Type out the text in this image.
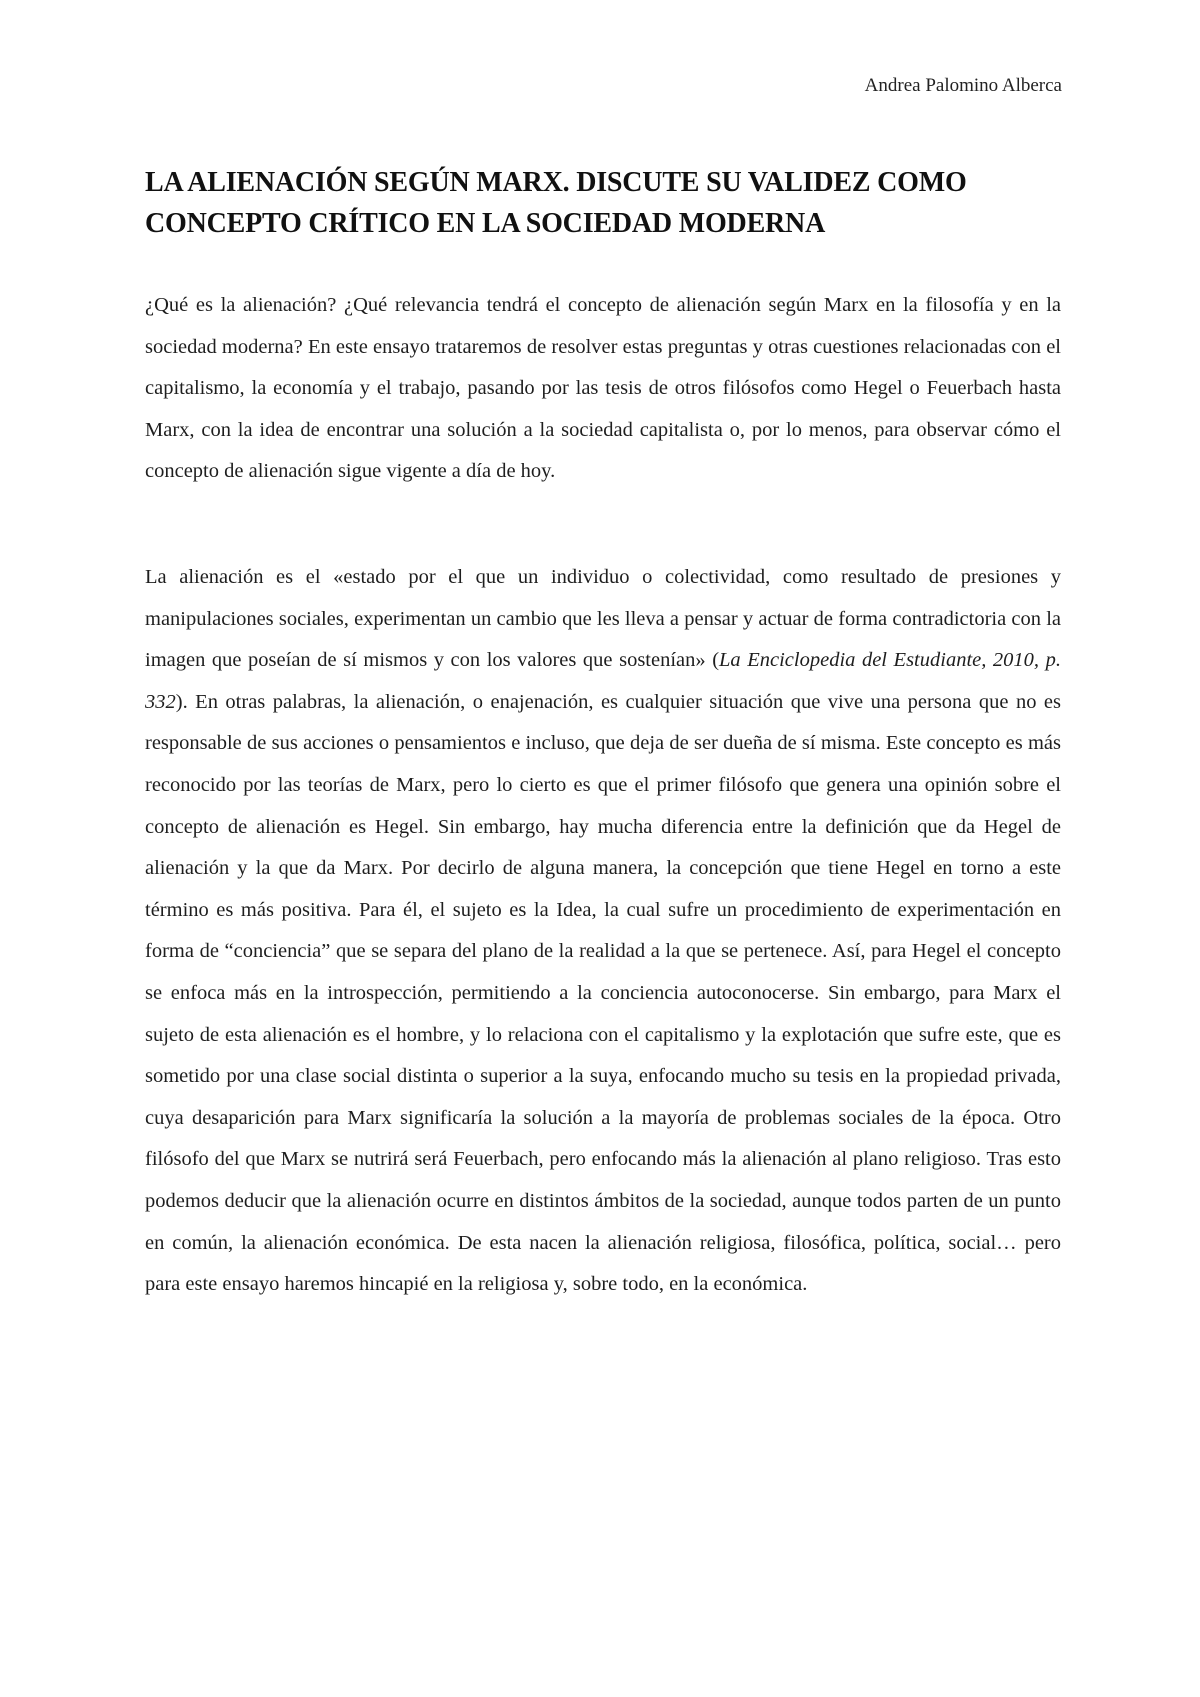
Andrea Palomino Alberca
LA ALIENACIÓN SEGÚN MARX. DISCUTE SU VALIDEZ COMO CONCEPTO CRÍTICO EN LA SOCIEDAD MODERNA

¿Qué es la alienación? ¿Qué relevancia tendrá el concepto de alienación según Marx en la filosofía y en la sociedad moderna? En este ensayo trataremos de resolver estas preguntas y otras cuestiones relacionadas con el capitalismo, la economía y el trabajo, pasando por las tesis de otros filósofos como Hegel o Feuerbach hasta Marx, con la idea de encontrar una solución a la sociedad capitalista o, por lo menos, para observar cómo el concepto de alienación sigue vigente a día de hoy.

La alienación es el «estado por el que un individuo o colectividad, como resultado de presiones y manipulaciones sociales, experimentan un cambio que les lleva a pensar y actuar de forma contradictoria con la imagen que poseían de sí mismos y con los valores que sostenían» (La Enciclopedia del Estudiante, 2010, p. 332). En otras palabras, la alienación, o enajenación, es cualquier situación que vive una persona que no es responsable de sus acciones o pensamientos e incluso, que deja de ser dueña de sí misma. Este concepto es más reconocido por las teorías de Marx, pero lo cierto es que el primer filósofo que genera una opinión sobre el concepto de alienación es Hegel. Sin embargo, hay mucha diferencia entre la definición que da Hegel de alienación y la que da Marx. Por decirlo de alguna manera, la concepción que tiene Hegel en torno a este término es más positiva. Para él, el sujeto es la Idea, la cual sufre un procedimiento de experimentación en forma de “conciencia” que se separa del plano de la realidad a la que se pertenece. Así, para Hegel el concepto se enfoca más en la introspección, permitiendo a la conciencia autoconocerse. Sin embargo, para Marx el sujeto de esta alienación es el hombre, y lo relaciona con el capitalismo y la explotación que sufre este, que es sometido por una clase social distinta o superior a la suya, enfocando mucho su tesis en la propiedad privada, cuya desaparición para Marx significaría la solución a la mayoría de problemas sociales de la época. Otro filósofo del que Marx se nutrirá será Feuerbach, pero enfocando más la alienación al plano religioso. Tras esto podemos deducir que la alienación ocurre en distintos ámbitos de la sociedad, aunque todos parten de un punto en común, la alienación económica. De esta nacen la alienación religiosa, filosófica, política, social… pero para este ensayo haremos hincapié en la religiosa y, sobre todo, en la económica.
